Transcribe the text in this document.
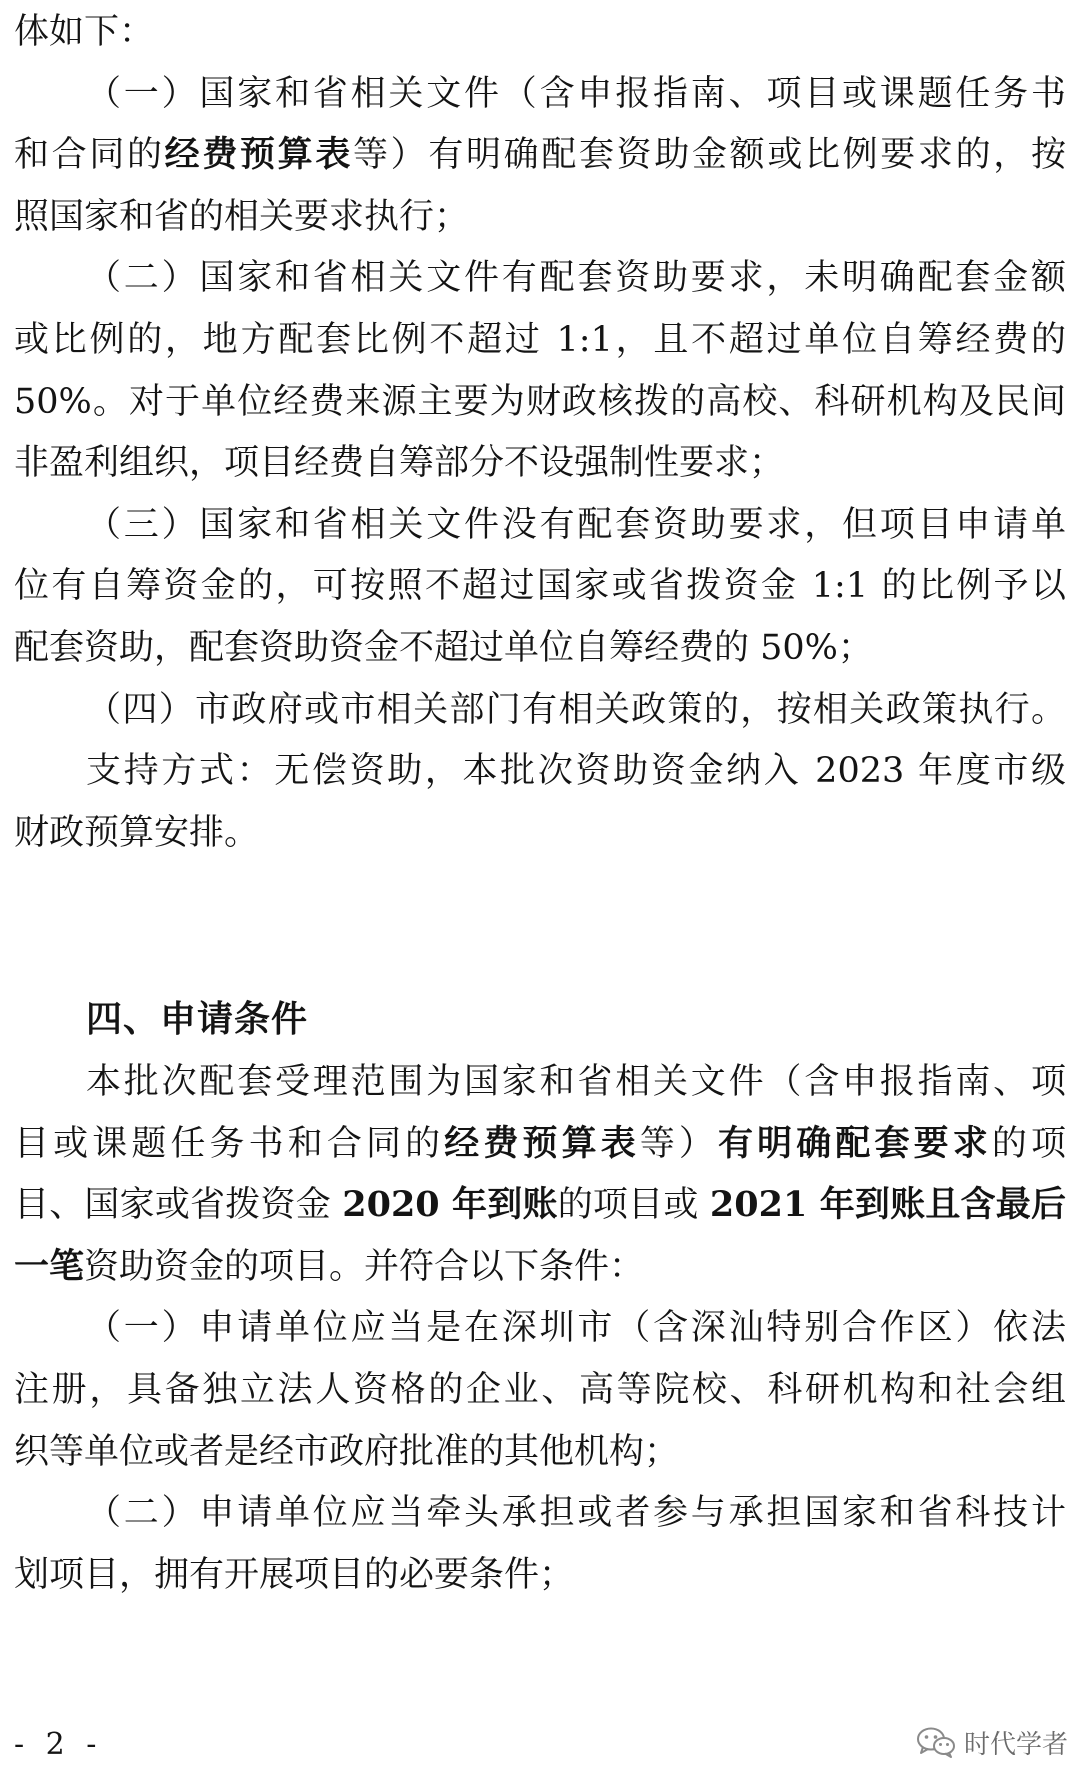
体如下：
（一）国家和省相关文件（含申报指南、项目或课题任务书
和合同的经费预算表等）有明确配套资助金额或比例要求的，按
照国家和省的相关要求执行；
（二）国家和省相关文件有配套资助要求，未明确配套金额
或比例的，地方配套比例不超过 1:1，且不超过单位自筹经费的
50%。对于单位经费来源主要为财政核拨的高校、科研机构及民间
非盈利组织，项目经费自筹部分不设强制性要求；
（三）国家和省相关文件没有配套资助要求，但项目申请单
位有自筹资金的，可按照不超过国家或省拨资金 1:1 的比例予以
配套资助，配套资助资金不超过单位自筹经费的 50%；
（四）市政府或市相关部门有相关政策的，按相关政策执行。
支持方式：无偿资助，本批次资助资金纳入 2023 年度市级
财政预算安排。
四、申请条件
本批次配套受理范围为国家和省相关文件（含申报指南、项
目或课题任务书和合同的经费预算表等）有明确配套要求的项
目、国家或省拨资金 2020 年到账的项目或 2021 年到账且含最后
一笔资助资金的项目。并符合以下条件：
（一）申请单位应当是在深圳市（含深汕特别合作区）依法
注册，具备独立法人资格的企业、高等院校、科研机构和社会组
织等单位或者是经市政府批准的其他机构；
（二）申请单位应当牵头承担或者参与承担国家和省科技计
划项目，拥有开展项目的必要条件；
- 2 -	时代学者
